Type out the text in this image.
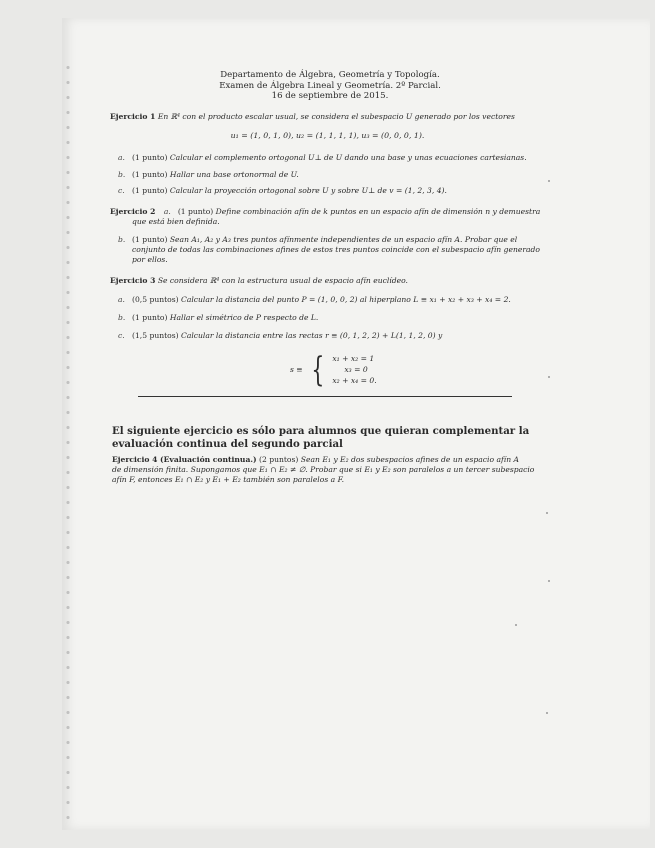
Departamento de Álgebra, Geometría y Topología.
Examen de Álgebra Lineal y Geometría. 2º Parcial.
16 de septiembre de 2015.
Ejercicio 1 En ℝ⁴ con el producto escalar usual, se considera el subespacio U generado por los vectores
u₁ = (1, 0, 1, 0), u₂ = (1, 1, 1, 1), u₃ = (0, 0, 0, 1).
a. (1 punto) Calcular el complemento ortogonal U⊥ de U dando una base y unas ecuaciones cartesianas.
b. (1 punto) Hallar una base ortonormal de U.
c. (1 punto) Calcular la proyección ortogonal sobre U y sobre U⊥ de v = (1, 2, 3, 4).
Ejercicio 2 a. (1 punto) Define combinación afín de k puntos en un espacio afín de dimensión n y demuestra
que está bien definida.
b. (1 punto) Sean A₁, A₂ y A₃ tres puntos afínmente independientes de un espacio afín A. Probar que el
conjunto de todas las combinaciones afines de estos tres puntos coincide con el subespacio afín generado
por ellos.
Ejercicio 3 Se considera ℝ⁴ con la estructura usual de espacio afín euclídeo.
a. (0,5 puntos) Calcular la distancia del punto P = (1, 0, 0, 2) al hiperplano L ≡ x₁ + x₂ + x₃ + x₄ = 2.
b. (1 punto) Hallar el simétrico de P respecto de L.
c. (1,5 puntos) Calcular la distancia entre las rectas r ≡ (0, 1, 2, 2) + L(1, 1, 2, 0) y
s ≡ { x₁ + x₂ = 1
x₃ = 0
x₂ + x₄ = 0.
El siguiente ejercicio es sólo para alumnos que quieran complementar la evaluación continua del segundo parcial
Ejercicio 4 (Evaluación continua.) (2 puntos) Sean E₁ y E₂ dos subespacios afines de un espacio afín A
de dimensión finita. Supongamos que E₁ ∩ E₂ ≠ ∅. Probar que si E₁ y E₂ son paralelos a un tercer subespacio
afín F, entonces E₁ ∩ E₂ y E₁ + E₂ también son paralelos a F.
